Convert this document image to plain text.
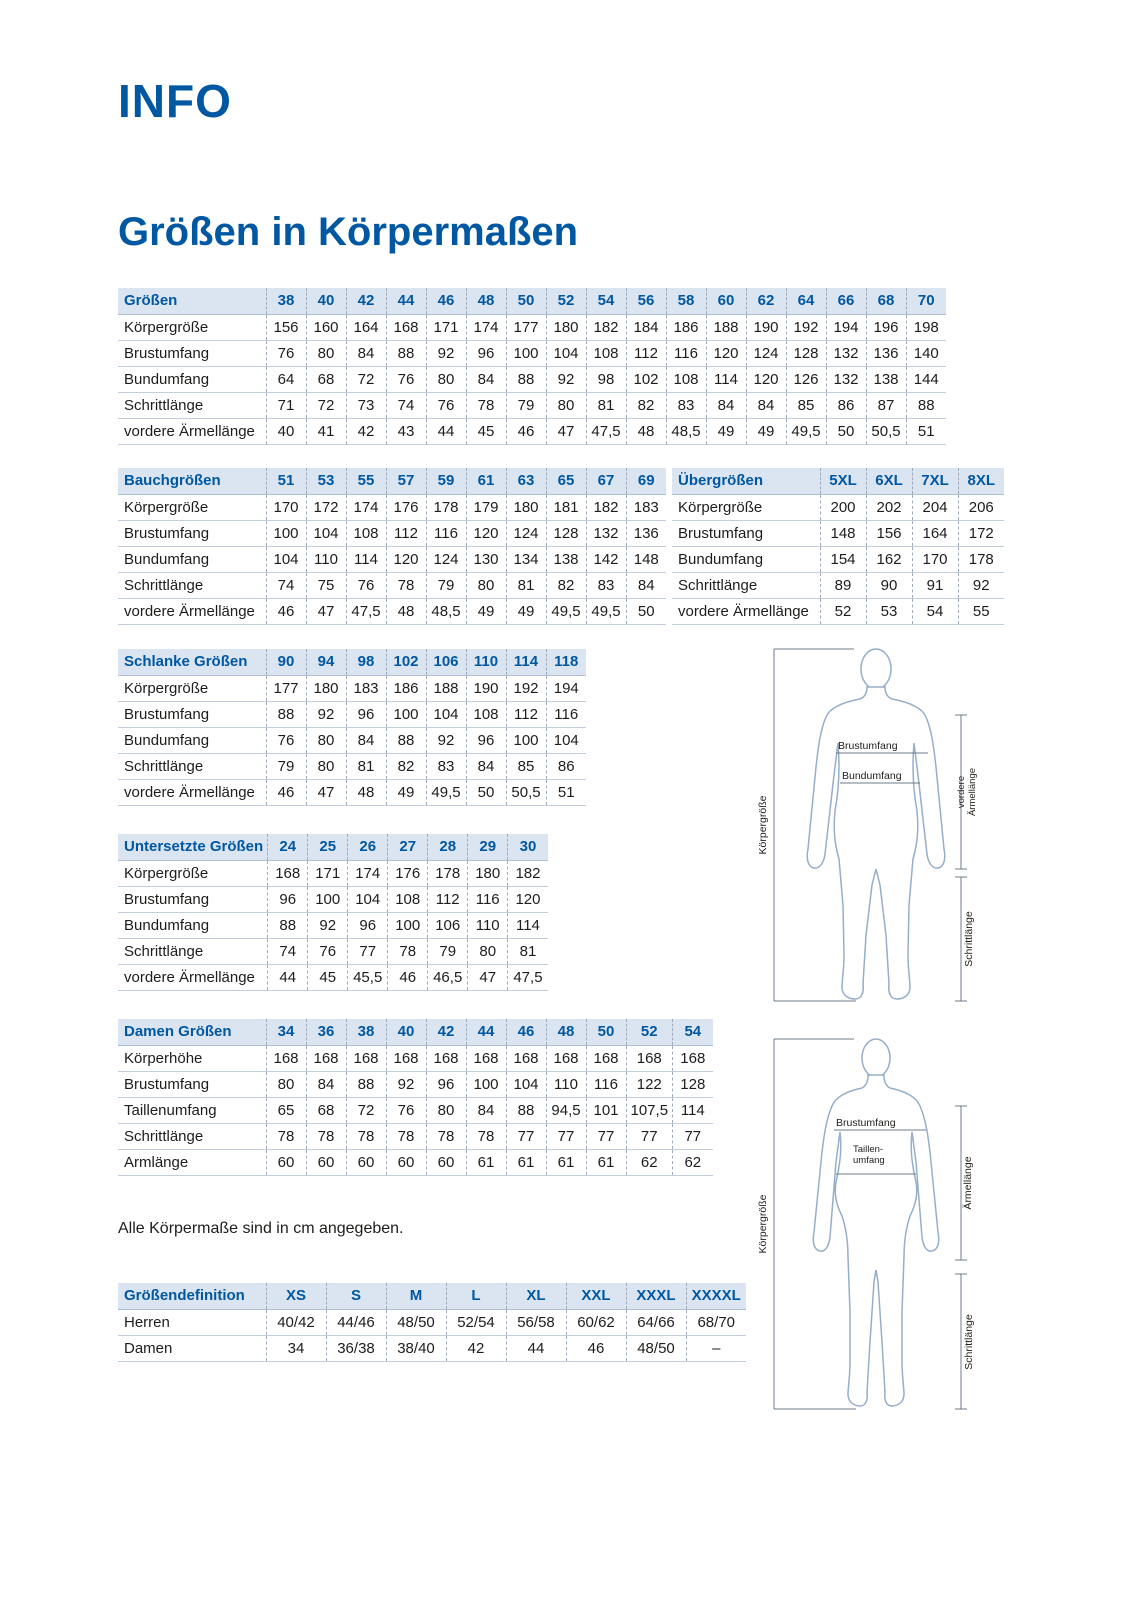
INFO
Größen in Körpermaßen
Größen	38	40	42	44	46	48	50	52	54	56	58	60	62	64	66	68	70
Körpergröße	156	160	164	168	171	174	177	180	182	184	186	188	190	192	194	196	198
Brustumfang	76	80	84	88	92	96	100	104	108	112	116	120	124	128	132	136	140
Bundumfang	64	68	72	76	80	84	88	92	98	102	108	114	120	126	132	138	144
Schrittlänge	71	72	73	74	76	78	79	80	81	82	83	84	84	85	86	87	88
vordere Ärmellänge	40	41	42	43	44	45	46	47	47,5	48	48,5	49	49	49,5	50	50,5	51
Bauchgrößen	51	53	55	57	59	61	63	65	67	69
Körpergröße	170	172	174	176	178	179	180	181	182	183
Brustumfang	100	104	108	112	116	120	124	128	132	136
Bundumfang	104	110	114	120	124	130	134	138	142	148
Schrittlänge	74	75	76	78	79	80	81	82	83	84
vordere Ärmellänge	46	47	47,5	48	48,5	49	49	49,5	49,5	50
Übergrößen	5XL	6XL	7XL	8XL
Körpergröße	200	202	204	206
Brustumfang	148	156	164	172
Bundumfang	154	162	170	178
Schrittlänge	89	90	91	92
vordere Ärmellänge	52	53	54	55
Schlanke Größen	90	94	98	102	106	110	114	118
Körpergröße	177	180	183	186	188	190	192	194
Brustumfang	88	92	96	100	104	108	112	116
Bundumfang	76	80	84	88	92	96	100	104
Schrittlänge	79	80	81	82	83	84	85	86
vordere Ärmellänge	46	47	48	49	49,5	50	50,5	51
Untersetzte Größen	24	25	26	27	28	29	30
Körpergröße	168	171	174	176	178	180	182
Brustumfang	96	100	104	108	112	116	120
Bundumfang	88	92	96	100	106	110	114
Schrittlänge	74	76	77	78	79	80	81
vordere Ärmellänge	44	45	45,5	46	46,5	47	47,5
Damen Größen	34	36	38	40	42	44	46	48	50	52	54
Körperhöhe	168	168	168	168	168	168	168	168	168	168	168
Brustumfang	80	84	88	92	96	100	104	110	116	122	128
Taillenumfang	65	68	72	76	80	84	88	94,5	101	107,5	114
Schrittlänge	78	78	78	78	78	78	77	77	77	77	77
Armlänge	60	60	60	60	60	61	61	61	61	62	62
Alle Körpermaße sind in cm angegeben.
Größendefinition	XS	S	M	L	XL	XXL	XXXL	XXXXL
Herren	40/42	44/46	48/50	52/54	56/58	60/62	64/66	68/70
Damen	34	36/38	38/40	42	44	46	48/50	–
Körpergröße
Brustumfang
Bundumfang	vordere Ärmellänge
Schrittlänge
Körpergröße
Brustumfang
Taillen-
umfang	Ärmellänge
Schrittlänge
